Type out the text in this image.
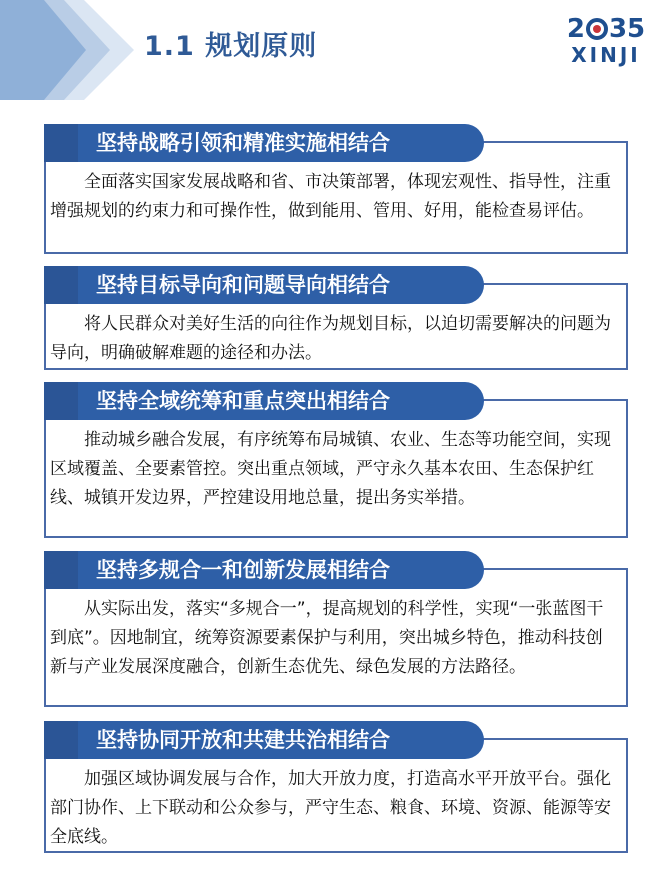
1.1 规划原则
2 35
XINJI
坚持战略引领和精准实施相结合
全面落实国家发展战略和省、市决策部署，体现宏观性、指导性，注重增强规划的约束力和可操作性，做到能用、管用、好用，能检查易评估。
坚持目标导向和问题导向相结合
将人民群众对美好生活的向往作为规划目标，以迫切需要解决的问题为导向，明确破解难题的途径和办法。
坚持全域统筹和重点突出相结合
推动城乡融合发展，有序统筹布局城镇、农业、生态等功能空间，实现区域覆盖、全要素管控。突出重点领域，严守永久基本农田、生态保护红线、城镇开发边界，严控建设用地总量，提出务实举措。
坚持多规合一和创新发展相结合
从实际出发，落实“多规合一”，提高规划的科学性，实现“一张蓝图干到底”。因地制宜，统筹资源要素保护与利用，突出城乡特色，推动科技创新与产业发展深度融合，创新生态优先、绿色发展的方法路径。
坚持协同开放和共建共治相结合
加强区域协调发展与合作，加大开放力度，打造高水平开放平台。强化部门协作、上下联动和公众参与，严守生态、粮食、环境、资源、能源等安全底线。
